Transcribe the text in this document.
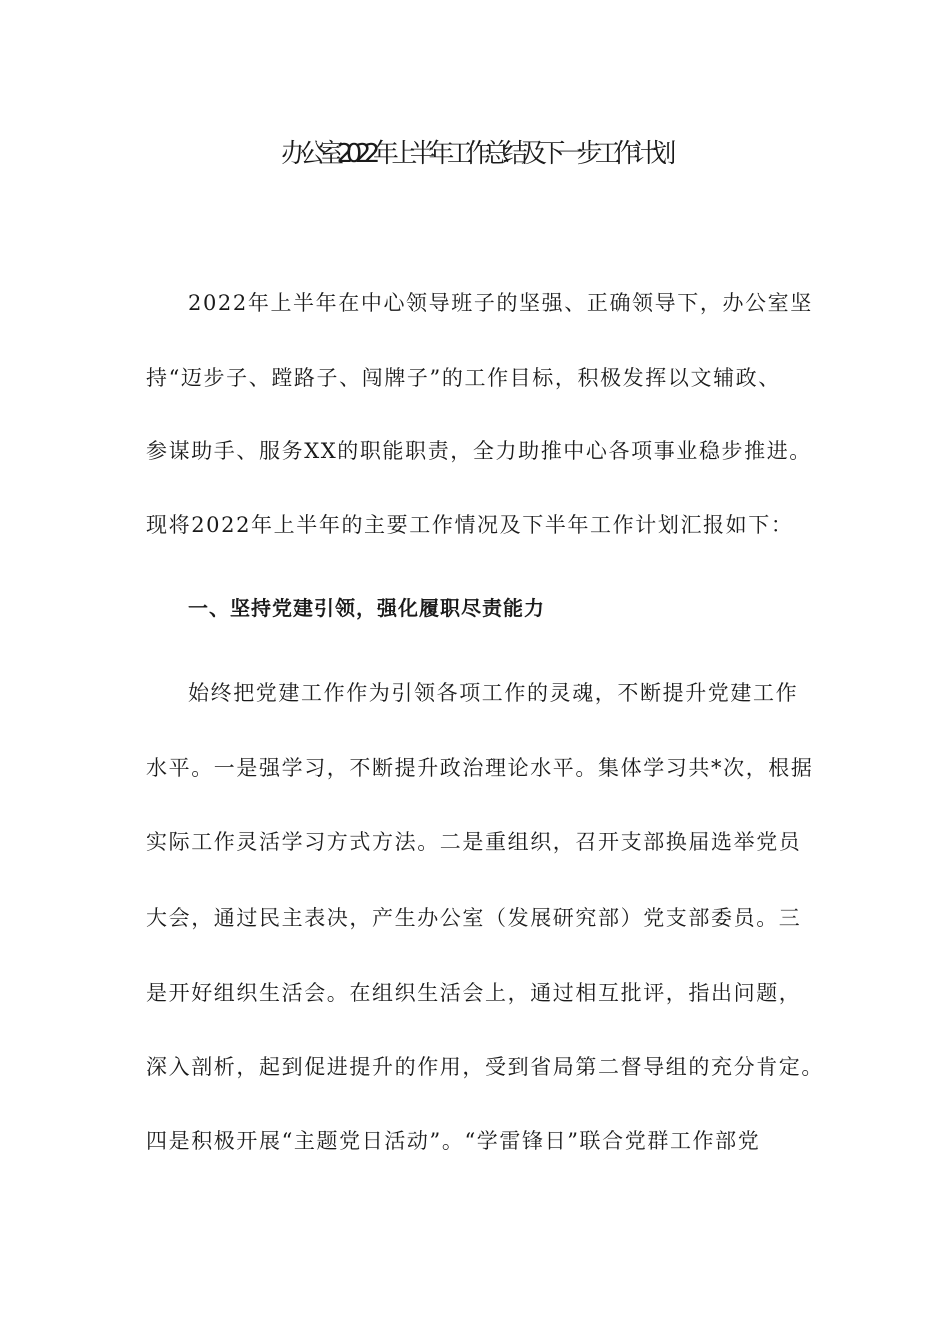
办公室2022年上半年工作总结及下一步工作计划
2022年上半年在中心领导班子的坚强、正确领导下，办公室坚
持“迈步子、蹚路子、闯牌子”的工作目标，积极发挥以文辅政、
参谋助手、服务XX的职能职责，全力助推中心各项事业稳步推进。
现将2022年上半年的主要工作情况及下半年工作计划汇报如下：
一、坚持党建引领，强化履职尽责能力
始终把党建工作作为引领各项工作的灵魂，不断提升党建工作
水平。一是强学习，不断提升政治理论水平。集体学习共*次，根据
实际工作灵活学习方式方法。二是重组织，召开支部换届选举党员
大会，通过民主表决，产生办公室（发展研究部）党支部委员。三
是开好组织生活会。在组织生活会上，通过相互批评，指出问题，
深入剖析，起到促进提升的作用，受到省局第二督导组的充分肯定。
四是积极开展“主题党日活动”。“学雷锋日”联合党群工作部党
